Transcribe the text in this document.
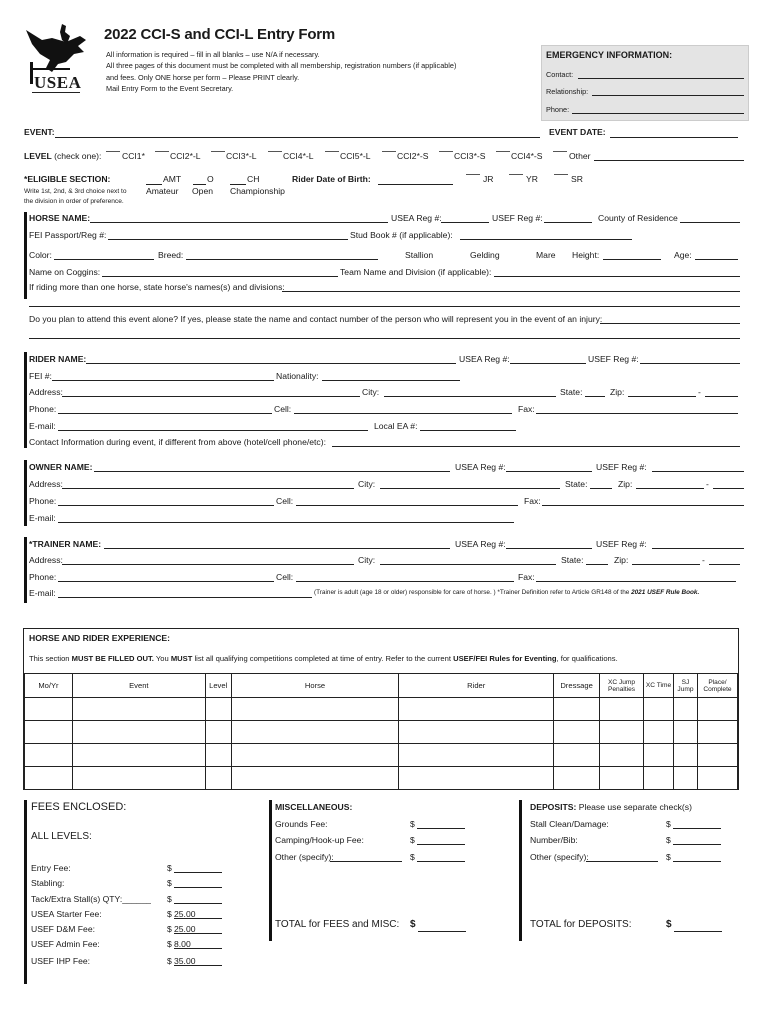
USEA
2022 CCI-S and CCI-L Entry Form
All information is required – fill in all blanks – use N/A if necessary.
All three pages of this document must be completed with all membership, registration numbers (if applicable)
and fees. Only ONE horse per form – Please PRINT clearly.
Mail Entry Form to the Event Secretary.
EMERGENCY INFORMATION:
Contact:
Relationship:
Phone:
EVENT:	EVENT DATE:
LEVEL (check one): CCI1*	CCI2*-L	CCI3*-L	CCI4*-L	CCI5*-L	CCI2*-S	CCI3*-S	CCI4*-S	Other
*ELIGIBLE SECTION:
Write 1st, 2nd, & 3rd choice next to
the division in order of preference.
AMT
Amateur
O
Open
CH
Championship
Rider Date of Birth:	JR	YR	SR
HORSE NAME:	USEA Reg #:	USEF Reg #:	County of Residence
FEI Passport/Reg #:	Stud Book # (if applicable):
Color:	Breed:	Stallion	Gelding	Mare Height:	Age:
Name on Coggins:	Team Name and Division (if applicable):
If riding more than one horse, state horse's names(s) and divisions:
Do you plan to attend this event alone? If yes, please state the name and contact number of the person who will represent you in the event of an injury:
RIDER NAME:	USEA Reg #:	USEF Reg #:
FEI #:	Nationality:
Address:	City:	State:	Zip:	-
Phone:	Cell:	Fax:
E-mail:	Local EA #:
Contact Information during event, if different from above (hotel/cell phone/etc):
OWNER NAME:	USEA Reg #:	USEF Reg #:
Address:	City:	State:	Zip:	-
Phone:	Cell:	Fax:
E-mail:
*TRAINER NAME:	USEA Reg #:	USEF Reg #:
Address:	City:	State:	Zip:	-
Phone:	Cell:	Fax:
E-mail:	(Trainer is adult (age 18 or older) responsible for care of horse. ) *Trainer Definition refer to Article GR148 of the 2021 USEF Rule Book.
HORSE AND RIDER EXPERIENCE:
This section MUST BE FILLED OUT. You MUST list all qualifying competitions completed at time of entry. Refer to the current USEF/FEI Rules for Eventing, for qualifications.
Mo/Yr	Event	Level	Horse	Rider	Dressage	XC Jump Penalties	XC Time	SJ Jump	Place/ Complete

FEES ENCLOSED:
ALL LEVELS:
Entry Fee:	$
Stabling:	$
Tack/Extra Stall(s) QTY:______ $
USEA Starter Fee:	$ 25.00
USEF D&M Fee:	$ 25.00
USEF Admin Fee:	$ 8.00
USEF IHP Fee:	$ 35.00
MISCELLANEOUS:
Grounds Fee:	$
Camping/Hook-up Fee:	$
Other (specify):	$
TOTAL for FEES and MISC: $
DEPOSITS: Please use separate check(s)
Stall Clean/Damage:	$
Number/Bib:	$
Other (specify):	$
TOTAL for DEPOSITS:	$
